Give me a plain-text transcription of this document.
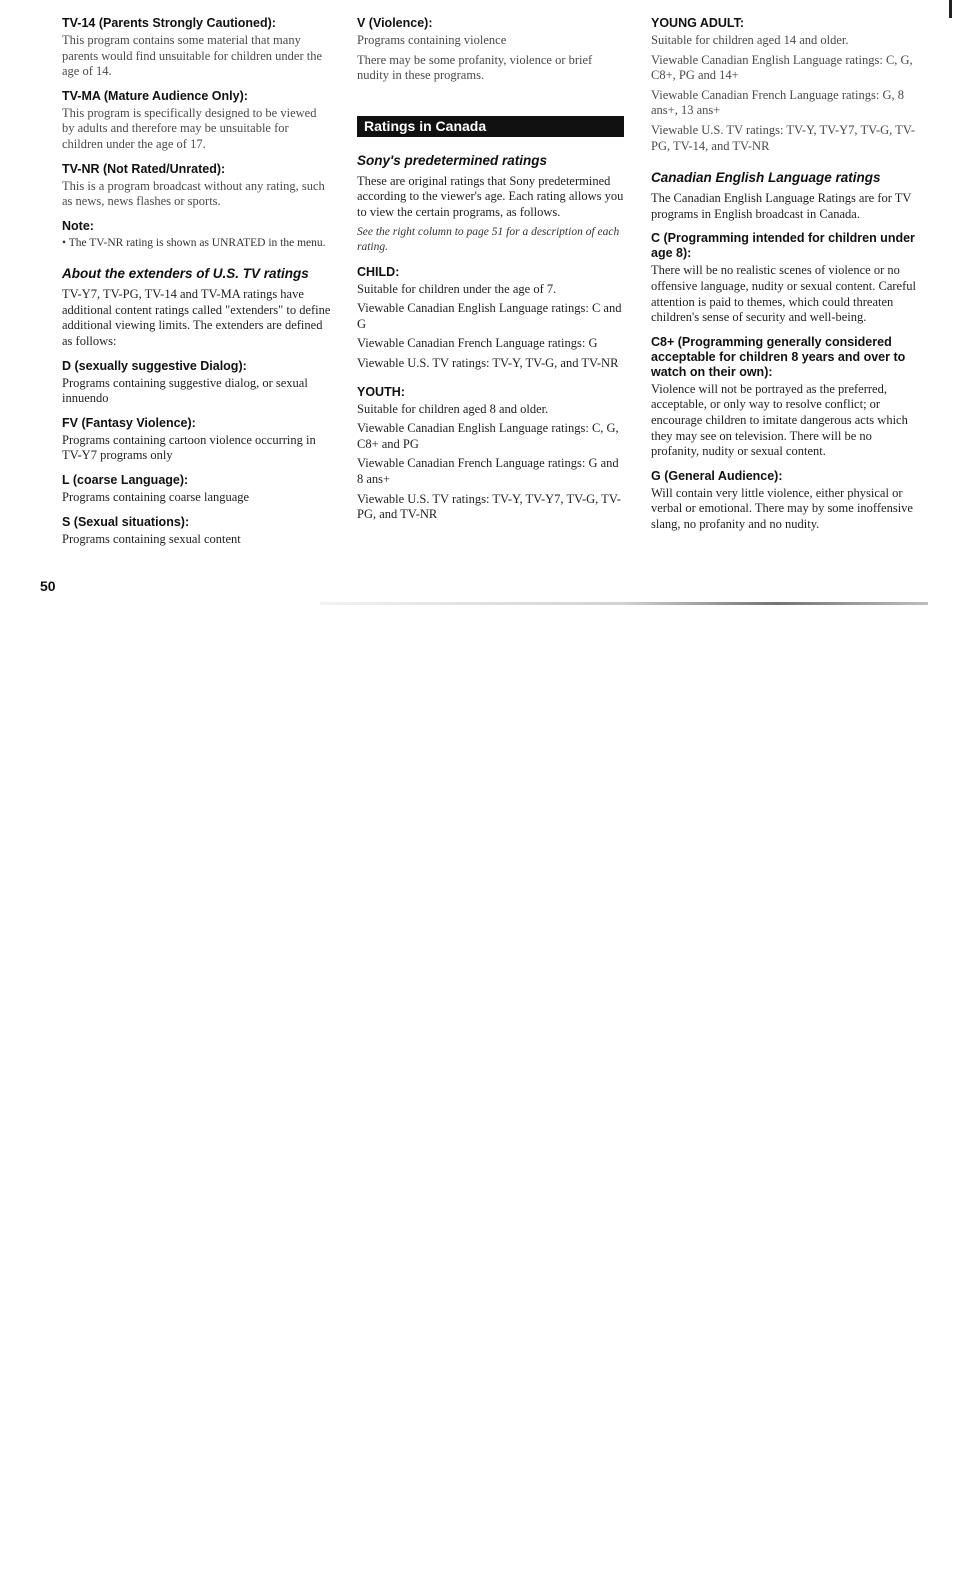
TV-14 (Parents Strongly Cautioned):
This program contains some material that many parents would find unsuitable for children under the age of 14.
TV-MA (Mature Audience Only):
This program is specifically designed to be viewed by adults and therefore may be unsuitable for children under the age of 17.
TV-NR (Not Rated/Unrated):
This is a program broadcast without any rating, such as news, news flashes or sports.
Note:
• The TV-NR rating is shown as UNRATED in the menu.
About the extenders of U.S. TV ratings
TV-Y7, TV-PG, TV-14 and TV-MA ratings have additional content ratings called "extenders" to define additional viewing limits. The extenders are defined as follows:
D (sexually suggestive Dialog):
Programs containing suggestive dialog, or sexual innuendo
FV (Fantasy Violence):
Programs containing cartoon violence occurring in TV-Y7 programs only
L (coarse Language):
Programs containing coarse language
S (Sexual situations):
Programs containing sexual content
V (Violence):
Programs containing violence
There may be some profanity, violence or brief nudity in these programs.
Ratings in Canada
Sony's predetermined ratings
These are original ratings that Sony predetermined according to the viewer's age. Each rating allows you to view the certain programs, as follows.
See the right column to page 51 for a description of each rating.
CHILD:
Suitable for children under the age of 7.
Viewable Canadian English Language ratings: C and G
Viewable Canadian French Language ratings: G
Viewable U.S. TV ratings: TV-Y, TV-G, and TV-NR
YOUTH:
Suitable for children aged 8 and older.
Viewable Canadian English Language ratings: C, G, C8+ and PG
Viewable Canadian French Language ratings: G and 8 ans+
Viewable U.S. TV ratings: TV-Y, TV-Y7, TV-G, TV-PG, and TV-NR
YOUNG ADULT:
Suitable for children aged 14 and older.
Viewable Canadian English Language ratings: C, G, C8+, PG and 14+
Viewable Canadian French Language ratings: G, 8 ans+, 13 ans+
Viewable U.S. TV ratings: TV-Y, TV-Y7, TV-G, TV-PG, TV-14, and TV-NR
Canadian English Language ratings
The Canadian English Language Ratings are for TV programs in English broadcast in Canada.
C (Programming intended for children under age 8):
There will be no realistic scenes of violence or no offensive language, nudity or sexual content. Careful attention is paid to themes, which could threaten children's sense of security and well-being.
C8+ (Programming generally considered acceptable for children 8 years and over to watch on their own):
Violence will not be portrayed as the preferred, acceptable, or only way to resolve conflict; or encourage children to imitate dangerous acts which they may see on television. There will be no profanity, nudity or sexual content.
G (General Audience):
Will contain very little violence, either physical or verbal or emotional. There may by some inoffensive slang, no profanity and no nudity.
50
